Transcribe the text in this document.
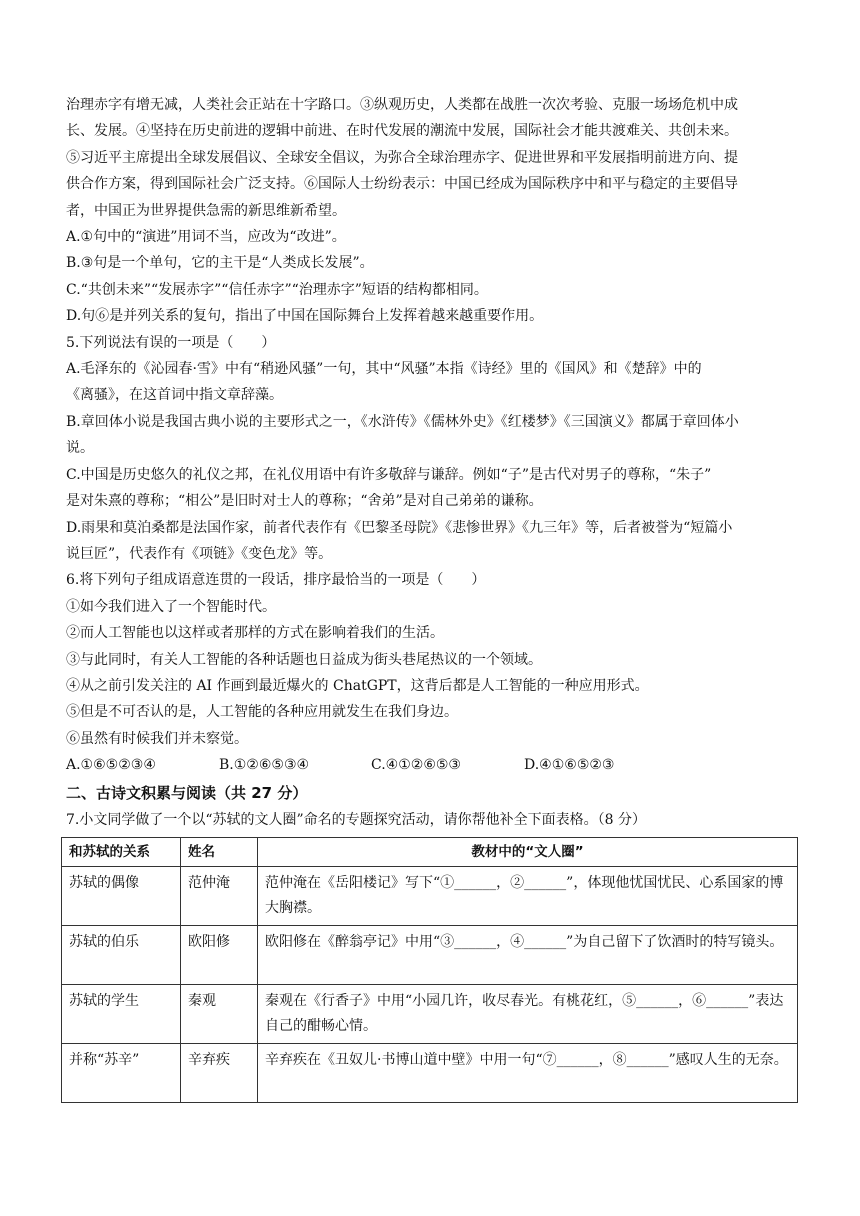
治理赤字有增无减，人类社会正站在十字路口。③纵观历史，人类都在战胜一次次考验、克服一场场危机中成

长、发展。④坚持在历史前进的逻辑中前进、在时代发展的潮流中发展，国际社会才能共渡难关、共创未来。

⑤习近平主席提出全球发展倡议、全球安全倡议，为弥合全球治理赤字、促进世界和平发展指明前进方向、提

供合作方案，得到国际社会广泛支持。⑥国际人士纷纷表示：中国已经成为国际秩序中和平与稳定的主要倡导

者，中国正为世界提供急需的新思维新希望。

A.①句中的“演进”用词不当，应改为“改进”。

B.③句是一个单句，它的主干是“人类成长发展”。

C.“共创未来”“发展赤字”“信任赤字”“治理赤字”短语的结构都相同。

D.句⑥是并列关系的复句，指出了中国在国际舞台上发挥着越来越重要作用。

5.下列说法有误的一项是（　　）

A.毛泽东的《沁园春·雪》中有“稍逊风骚”一句，其中“风骚”本指《诗经》里的《国风》和《楚辞》中的

《离骚》，在这首词中指文章辞藻。

B.章回体小说是我国古典小说的主要形式之一，《水浒传》《儒林外史》《红楼梦》《三国演义》都属于章回体小

说。

C.中国是历史悠久的礼仪之邦，在礼仪用语中有许多敬辞与谦辞。例如“子”是古代对男子的尊称，“朱子”

是对朱熹的尊称；“相公”是旧时对士人的尊称；“舍弟”是对自己弟弟的谦称。

D.雨果和莫泊桑都是法国作家，前者代表作有《巴黎圣母院》《悲惨世界》《九三年》等，后者被誉为“短篇小

说巨匠”，代表作有《项链》《变色龙》等。

6.将下列句子组成语意连贯的一段话，排序最恰当的一项是（　　）

①如今我们进入了一个智能时代。

②而人工智能也以这样或者那样的方式在影响着我们的生活。

③与此同时，有关人工智能的各种话题也日益成为街头巷尾热议的一个领域。

④从之前引发关注的 AI 作画到最近爆火的 ChatGPT，这背后都是人工智能的一种应用形式。

⑤但是不可否认的是，人工智能的各种应用就发生在我们身边。

⑥虽然有时候我们并未察觉。

A.①⑥⑤②③④	B.①②⑥⑤③④	C.④①②⑥⑤③	D.④①⑥⑤②③
二、古诗文积累与阅读（共 27 分）

7.小文同学做了一个以“苏轼的文人圈”命名的专题探究活动，请你帮他补全下面表格。（8 分）

和苏轼的关系	姓名	教材中的“文人圈”
苏轼的偶像	范仲淹	范仲淹在《岳阳楼记》写下“①______，②______”，体现他忧国忧民、心系国家的博大胸襟。
苏轼的伯乐	欧阳修	欧阳修在《醉翁亭记》中用“③______，④______”为自己留下了饮酒时的特写镜头。
苏轼的学生	秦观	秦观在《行香子》中用“小园几许，收尽春光。有桃花红，⑤______，⑥______”表达自己的酣畅心情。
并称“苏辛”	辛弃疾	辛弃疾在《丑奴儿·书博山道中壁》中用一句“⑦______，⑧______”感叹人生的无奈。
